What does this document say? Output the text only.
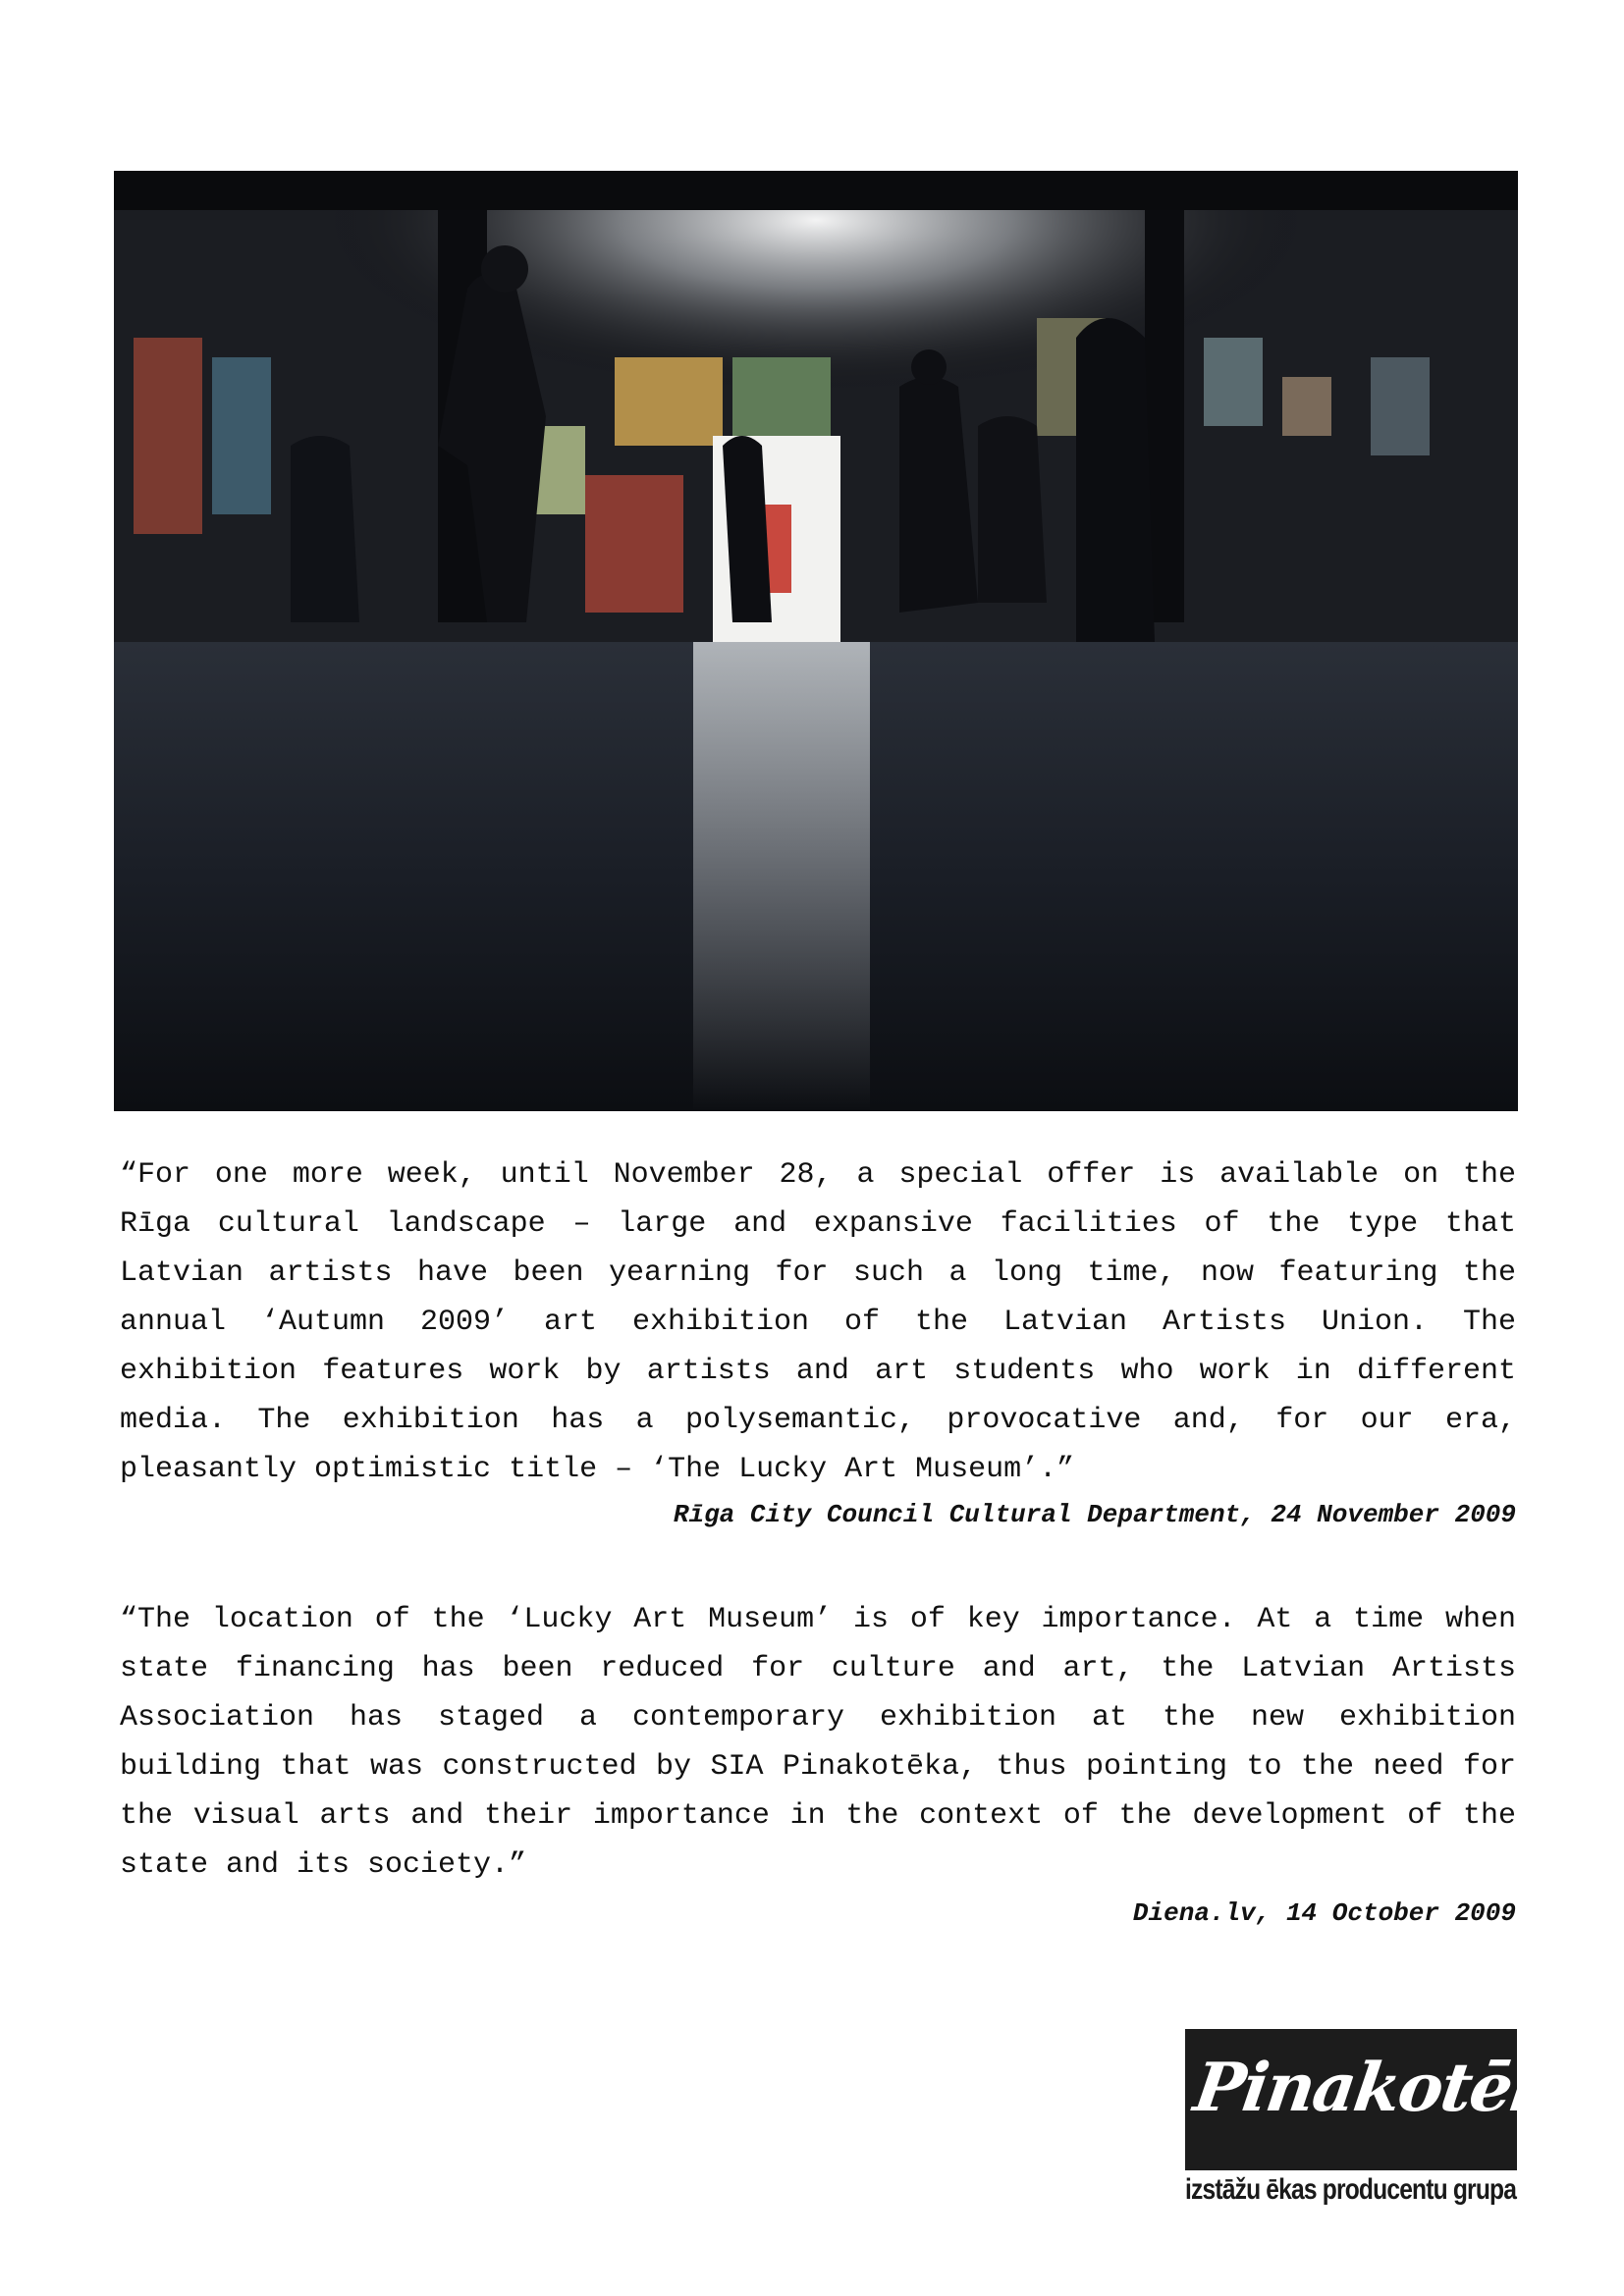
“For one more week, until November 28, a special offer is available on the Rīga cultural landscape – large and expansive facilities of the type that Latvian artists have been yearning for such a long time, now featuring the annual ‘Autumn 2009’ art exhibition of the Latvian Artists Union. The exhibition features work by artists and art students who work in different media. The exhibition has a polysemantic, provocative and, for our era, pleasantly optimistic title – ‘The Lucky Art Museum’.”

Rīga City Council Cultural Department, 24 November 2009

“The location of the ‘Lucky Art Museum’ is of key importance. At a time when state financing has been reduced for culture and art, the Latvian Artists Association has staged a contemporary exhibition at the new exhibition building that was constructed by SIA Pinakotēka, thus pointing to the need for the visual arts and their importance in the context of the development of the state and its society.”

Diena.lv, 14 October 2009

Pinakotēka
izstāžu ēkas producentu grupa
